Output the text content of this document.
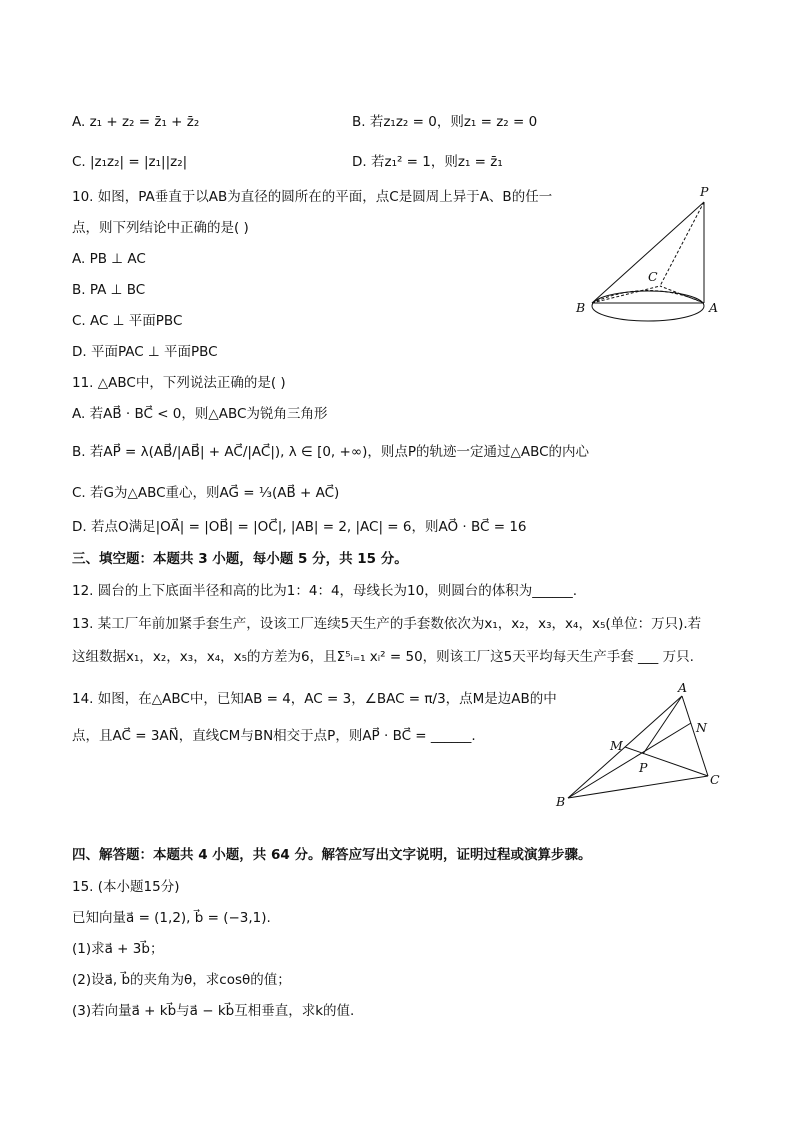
A. z₁ + z₂ = z̄₁ + z̄₂	B. 若z₁z₂ = 0，则z₁ = z₂ = 0
C. |z₁z₂| = |z₁||z₂|	D. 若z₁² = 1，则z₁ = z̄₁
10. 如图，PA垂直于以AB为直径的圆所在的平面，点C是圆周上异于A、B的任一
点，则下列结论中正确的是( )
A. PB ⊥ AC
B. PA ⊥ BC
C. AC ⊥ 平面PBC
D. 平面PAC ⊥ 平面PBC
P
C
B	A
11. △ABC中，下列说法正确的是( )
A. 若AB⃗ · BC⃗ < 0，则△ABC为锐角三角形
B. 若AP⃗ = λ(AB⃗/|AB⃗| + AC⃗/|AC⃗|), λ ∈ [0, +∞)，则点P的轨迹一定通过△ABC的内心
C. 若G为△ABC重心，则AG⃗ = ⅓(AB⃗ + AC⃗)
D. 若点O满足|OA⃗| = |OB⃗| = |OC⃗|, |AB| = 2, |AC| = 6，则AO⃗ · BC⃗ = 16
三、填空题：本题共 3 小题，每小题 5 分，共 15 分。
12. 圆台的上下底面半径和高的比为1：4：4，母线长为10，则圆台的体积为______.
13. 某工厂年前加紧手套生产，设该工厂连续5天生产的手套数依次为x₁，x₂，x₃，x₄，x₅(单位：万只).若
这组数据x₁，x₂，x₃，x₄，x₅的方差为6，且Σ⁵ᵢ₌₁ xᵢ² = 50，则该工厂这5天平均每天生产手套 ___ 万只.
14. 如图，在△ABC中，已知AB = 4，AC = 3，∠BAC = π/3，点M是边AB的中
点，且AC⃗ = 3AN⃗，直线CM与BN相交于点P，则AP⃗ · BC⃗ = ______.
A
N
M
P
C
B
四、解答题：本题共 4 小题，共 64 分。解答应写出文字说明，证明过程或演算步骤。
15. (本小题15分)
已知向量a⃗ = (1,2), b⃗ = (−3,1).
(1)求a⃗ + 3b⃗；
(2)设a⃗, b⃗的夹角为θ，求cosθ的值；
(3)若向量a⃗ + kb⃗与a⃗ − kb⃗互相垂直，求k的值.
